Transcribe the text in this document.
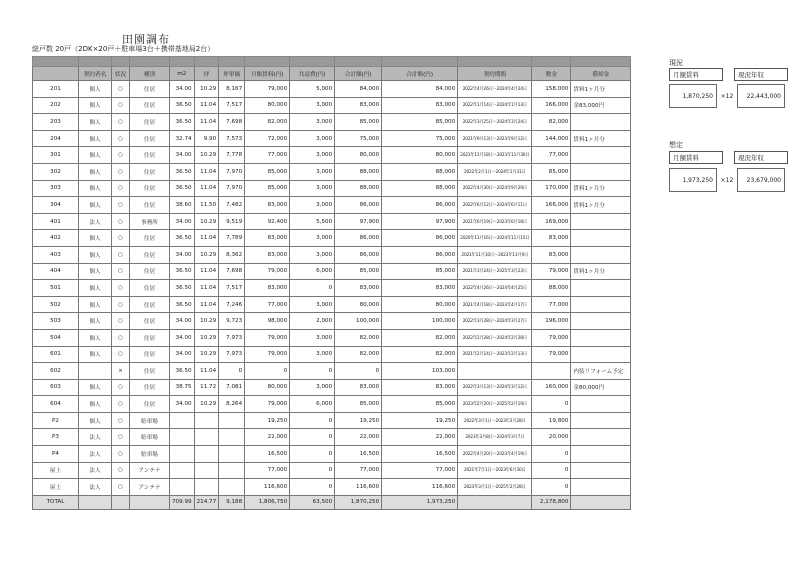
田園調布
総戸数 20戸（2DK×20戸＋駐車場3台＋携帯基地局2台）

	契約者名	状況	種別	m2	坪	坪単価	月額賃料(円)	共益費(円)	合計額(円)	合計額(円)	契約期間	敷金	償却金
201	個人	○	住居	34.00	10.29	8,167	79,000	5,000	84,000	84,000	2022年4月26日～2024年4月24日	158,000	賃料1ヶ月分
202	個人	○	住居	36.50	11.04	7,517	80,000	3,000	83,000	83,000	2022年1月14日～2024年1月13日	166,000	金83,000円
203	個人	○	住居	36.50	11.04	7,698	82,000	3,000	85,000	85,000	2022年3月25日～2024年3月24日	82,000	
204	個人	○	住居	32.74	9.90	7,573	72,000	3,000	75,000	75,000	2021年9月13日～2023年9月12日	144,000	賃料1ヶ月分
301	個人	○	住居	34.00	10.29	7,778	77,000	3,000	80,000	80,000	2021年11月18日～2023年11月30日	77,000	
302	個人	○	住居	36.50	11.04	7,970	85,000	3,000	88,000	88,000	2022年2月1日～2024年1月31日	85,000	
303	個人	○	住居	36.50	11.04	7,970	85,000	3,000	88,000	88,000	2022年4月30日～2024年9月29日	170,000	賃料1ヶ月分
304	個人	○	住居	38.60	11.50	7,482	83,000	3,000	86,000	86,000	2022年6月12日～2024年6月11日	166,000	賃料1ヶ月分
401	法人	○	事務所	34.00	10.29	9,519	92,400	5,500	97,900	97,900	2021年6月19日～2023年6月18日	169,000	
402	個人	○	住居	36.50	11.04	7,789	83,000	3,000	86,000	86,000	2020年11月16日～2024年11月15日	83,000	
403	個人	○	住居	34.00	10.29	8,362	83,000	3,000	86,000	86,000	2021年11月10日～2023年11月9日	83,000	
404	個人	○	住居	36.50	11.04	7,698	79,000	6,000	85,000	85,000	2021年3月24日～2025年3月23日	79,000	賃料1ヶ月分
501	個人	○	住居	36.50	11.04	7,517	83,000	0	83,000	83,000	2022年4月26日～2024年4月25日	88,000	
502	個人	○	住居	36.50	11.04	7,246	77,000	3,000	80,000	80,000	2021年4月18日～2023年4月17日	77,000	
503	個人	○	住居	34.00	10.29	9,723	98,000	2,000	100,000	100,000	2022年3月28日～2024年3月27日	196,000	
504	個人	○	住居	34.00	10.29	7,973	79,000	3,000	82,000	82,000	2022年2月28日～2024年2月28日	79,000	
601	個人	○	住居	34.00	10.29	7,973	79,000	3,000	82,000	82,000	2021年2月14日～2023年2月13日	79,000	
602		×	住居	36.50	11.04	0	0	0	0	103,000			内装リフォーム予定
603	個人	○	住居	38.75	11.72	7,081	80,000	3,000	83,000	83,000	2022年3月13日～2024年3月12日	160,000	金80,000円
604	個人	○	住居	34.00	10.29	8,264	79,000	6,000	85,000	85,000	2023年2月20日～2025年2月19日	0	
P2	個人	○	駐車場				19,250	0	19,250	19,250	2022年3月1日～2023年2月28日	19,800	
P3	法人	○	駐車場				22,000	0	22,000	22,000	2023年3月8日～2024年3月7日	20,000	
P4	法人	○	駐車場				16,500	0	16,500	16,500	2022年4月20日～2023年4月19日	0	
屋上	法人	○	アンテナ				77,000	0	77,000	77,000	2021年7月1日～2023年6月30日	0	
屋上	法人	○	アンテナ				116,600	0	116,600	116,600	2023年3月1日～2025年2月28日	0	
TOTAL				709.99	214.77	9,188	1,806,750	63,500	1,870,250	1,973,250		2,178,800	
現況
月額賃料	現況年収
1,870,250	×12	22,443,000
想定
月額賃料	現況年収
1,973,250	×12	23,679,000
